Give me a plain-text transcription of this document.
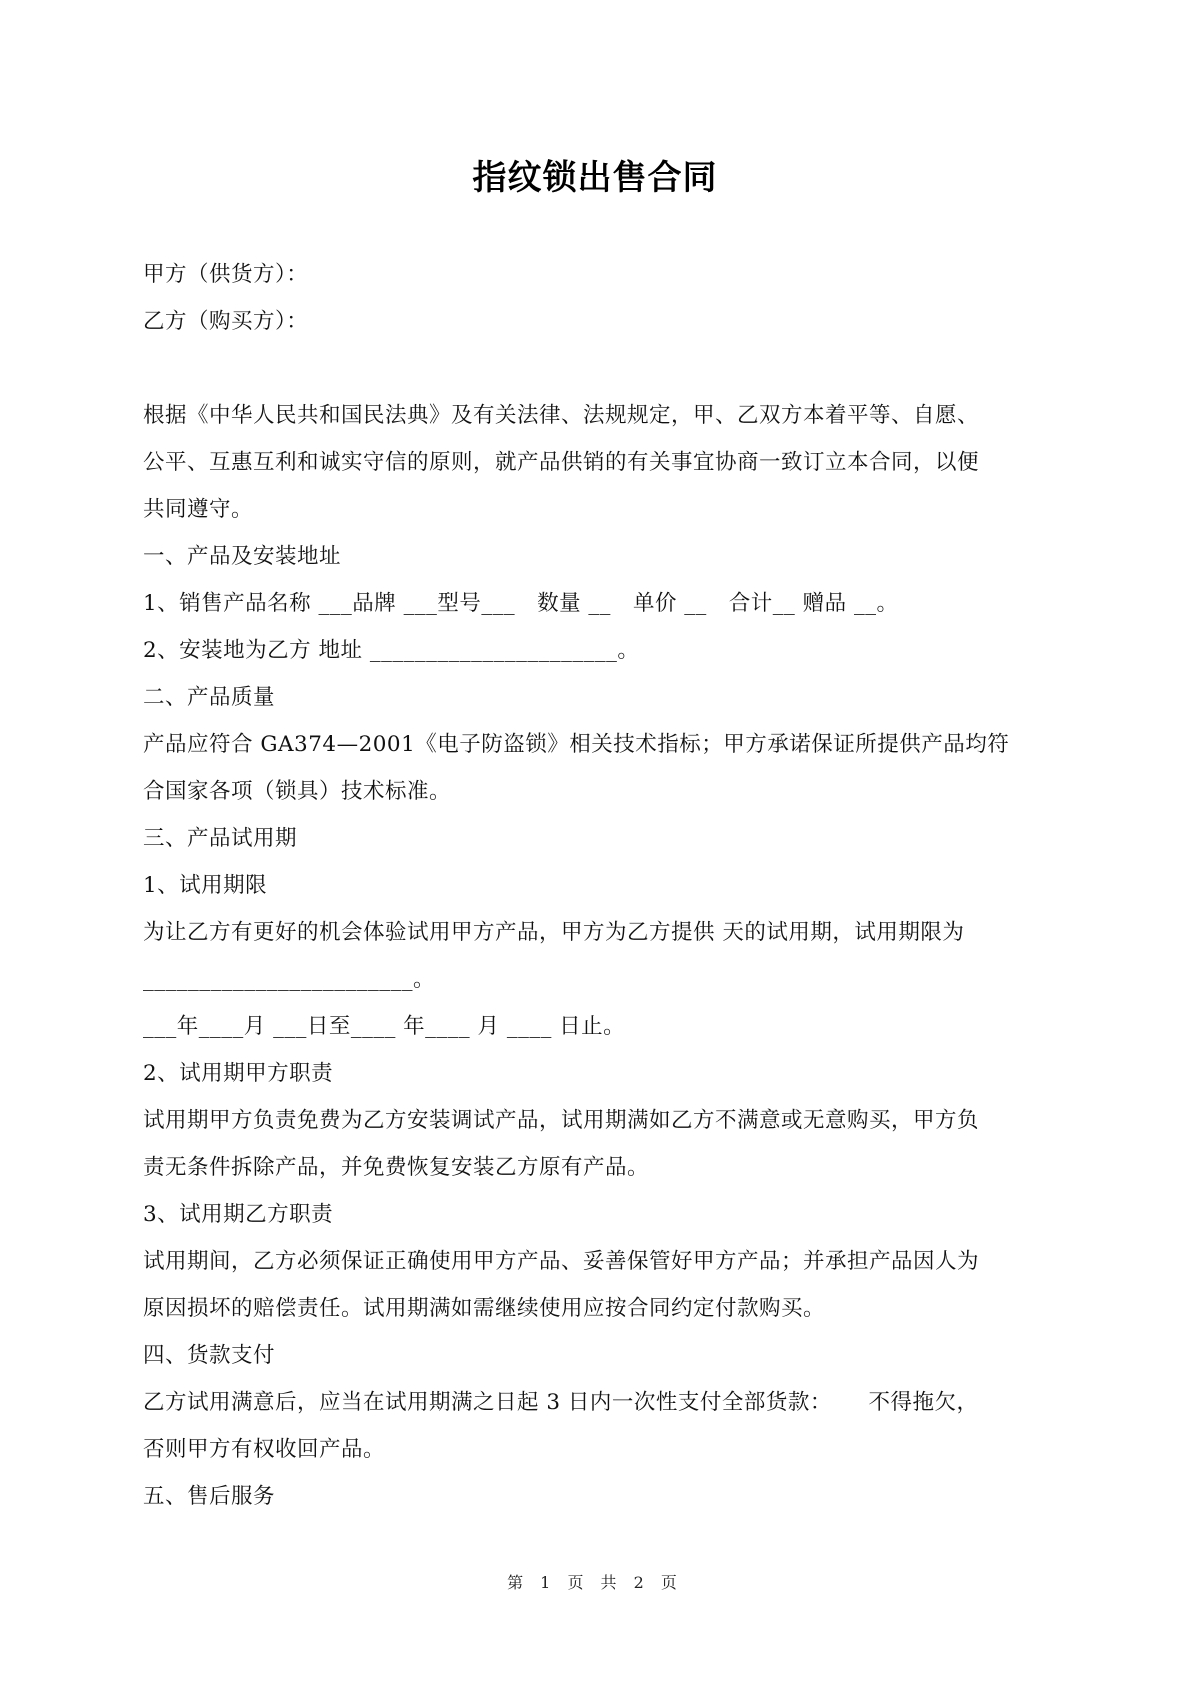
指纹锁出售合同
甲方（供货方）：
乙方（购买方）：
根据《中华人民共和国民法典》及有关法律、法规规定，甲、乙双方本着平等、自愿、
公平、互惠互利和诚实守信的原则，就产品供销的有关事宜协商一致订立本合同，以便
共同遵守。
一、产品及安装地址
1、销售产品名称 ___品牌 ___型号___   数量 __   单价 __   合计__ 赠品 __。
2、安装地为乙方 地址 ______________________。
二、产品质量
产品应符合 GA374—2001《电子防盗锁》相关技术指标；甲方承诺保证所提供产品均符
合国家各项（锁具）技术标准。
三、产品试用期
1、试用期限
为让乙方有更好的机会体验试用甲方产品，甲方为乙方提供 天的试用期，试用期限为
________________________。
___年____月 ___日至____ 年____ 月 ____ 日止。
2、试用期甲方职责
试用期甲方负责免费为乙方安装调试产品，试用期满如乙方不满意或无意购买，甲方负
责无条件拆除产品，并免费恢复安装乙方原有产品。
3、试用期乙方职责
试用期间，乙方必须保证正确使用甲方产品、妥善保管好甲方产品；并承担产品因人为
原因损坏的赔偿责任。试用期满如需继续使用应按合同约定付款购买。
四、货款支付
乙方试用满意后，应当在试用期满之日起 3 日内一次性支付全部货款：     不得拖欠，
否则甲方有权收回产品。
五、售后服务
第 1 页 共 2 页
